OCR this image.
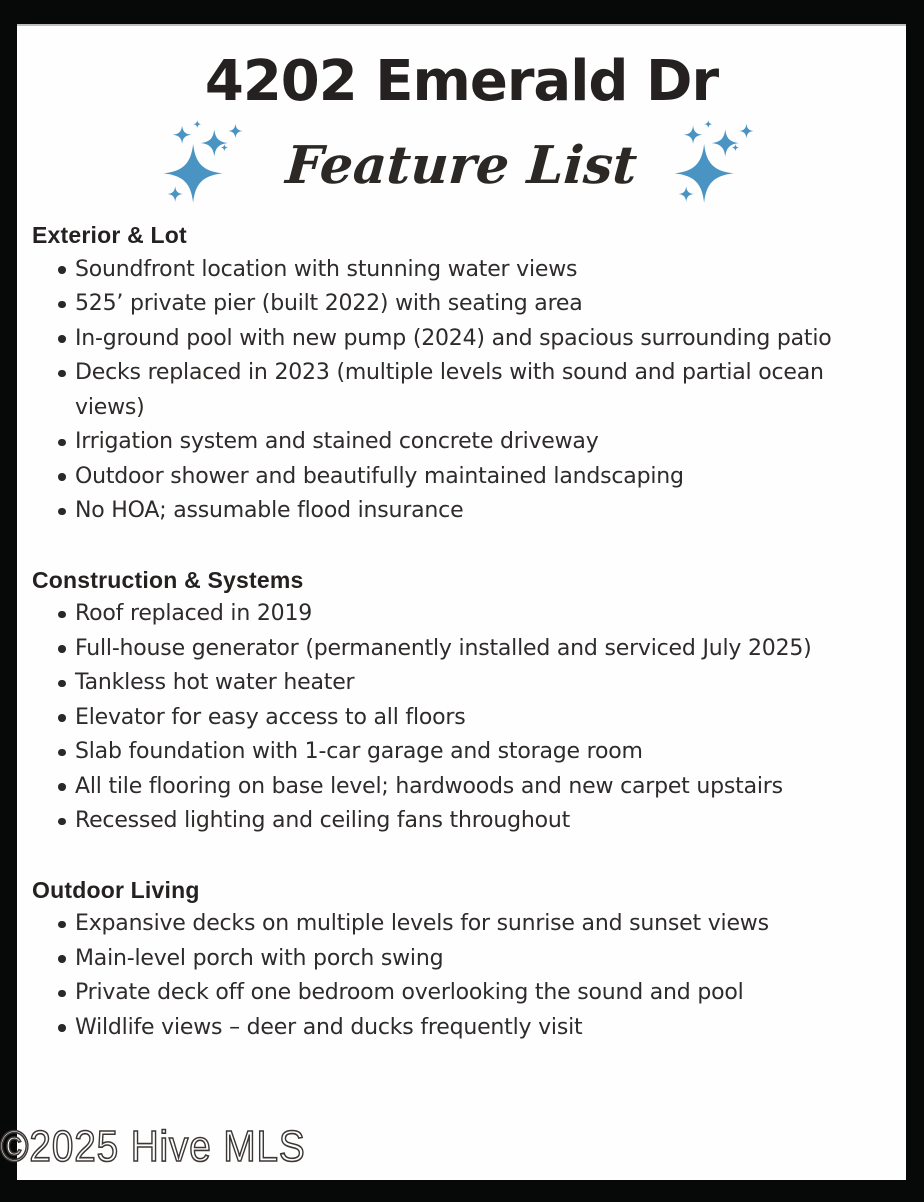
4202 Emerald Dr
Feature List
Exterior & Lot
Soundfront location with stunning water views
525’ private pier (built 2022) with seating area
In-ground pool with new pump (2024) and spacious surrounding patio
Decks replaced in 2023 (multiple levels with sound and partial ocean views)
Irrigation system and stained concrete driveway
Outdoor shower and beautifully maintained landscaping
No HOA; assumable flood insurance
Construction & Systems
Roof replaced in 2019
Full-house generator (permanently installed and serviced July 2025)
Tankless hot water heater
Elevator for easy access to all floors
Slab foundation with 1-car garage and storage room
All tile flooring on base level; hardwoods and new carpet upstairs
Recessed lighting and ceiling fans throughout
Outdoor Living
Expansive decks on multiple levels for sunrise and sunset views
Main-level porch with porch swing
Private deck off one bedroom overlooking the sound and pool
Wildlife views – deer and ducks frequently visit
©2025 Hive MLS
